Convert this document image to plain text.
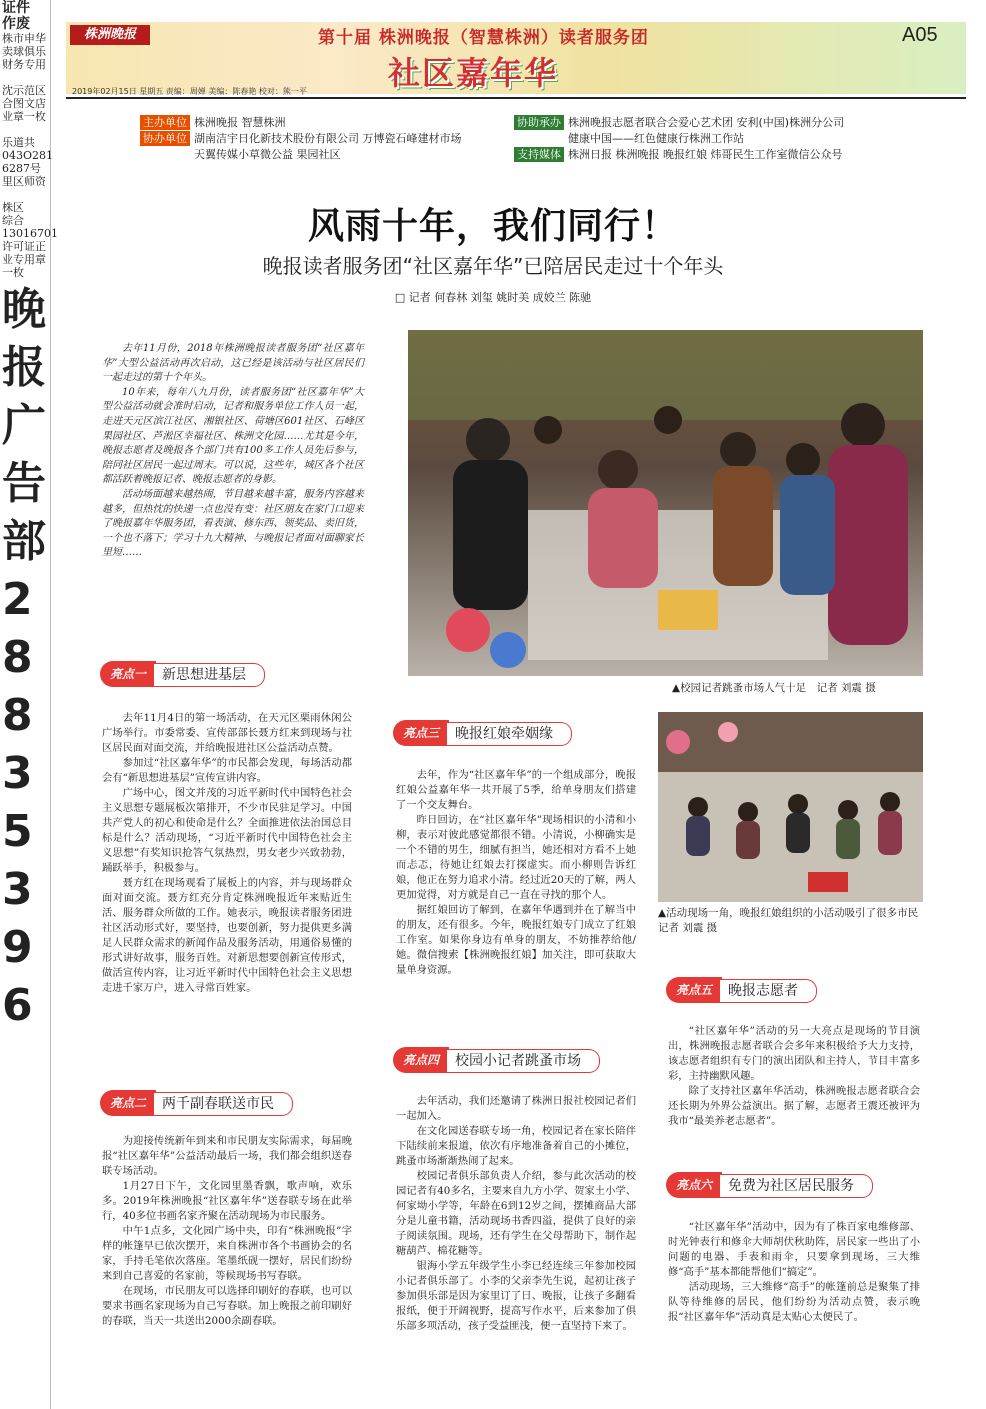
证件
作废
株市申华
卖球俱乐
财务专用

沈示范区
合图文店
业章一枚

乐道共
043O281
6287号
里区师资

株区
综合
13016701
许可证正
业专用章
一枚
晚
报
广
告
部
2
8
8
3
5
3
9
6
株洲晚报	第十届 株洲晚报（智慧株洲）读者服务团	A05
社区嘉年华
2019年02月15日 星期五 责编：周婵 美编：陈春艳 校对：熊一平
主办单位 株洲晚报 智慧株洲
协办单位 湖南洁宇日化新技术股份有限公司 万博瓷石峰建材市场
天翼传媒小草微公益 果园社区
协助承办 株洲晚报志愿者联合会爱心艺术团 安利(中国)株洲分公司
健康中国——红色健康行株洲工作站
支持媒体 株洲日报 株洲晚报 晚报红娘 炜哥民生工作室微信公众号
风雨十年，我们同行！
晚报读者服务团“社区嘉年华”已陪居民走过十个年头
□ 记者 何春林 刘玺 姚时美 成姣兰 陈驰

去年11月份，2018年株洲晚报读者服务团“社区嘉年华”大型公益活动再次启动，这已经是该活动与社区居民们一起走过的第十个年头。

10年来，每年八九月份，读者服务团“社区嘉年华”大型公益活动就会准时启动，记者和服务单位工作人员一起，走进天元区滨江社区、湘银社区、荷塘区601社区、石峰区果园社区、芦淞区幸福社区、株洲文化园……尤其是今年，晚报志愿者及晚报各个部门共有100多工作人员先后参与，陪同社区居民一起过周末。可以说，这些年，城区各个社区都活跃着晚报记者、晚报志愿者的身影。

活动场面越来越热闹，节目越来越丰富，服务内容越来越多，但热忱的快递一点也没有变：社区朋友在家门口迎来了晚报嘉年华服务团，看表演、修东西、领奖品、卖旧货，一个也不落下；学习十九大精神、与晚报记者面对面聊家长里短……

▲校园记者跳蚤市场人气十足　记者 刘震 摄
▲活动现场一角，晚报红娘组织的小活动吸引了很多市民　记者 刘震 摄
亮点一	新思想进基层

去年11月4日的第一场活动，在天元区栗雨休闲公广场举行。市委常委、宣传部部长聂方红来到现场与社区居民面对面交流，并给晚报进社区公益活动点赞。

参加过“社区嘉年华”的市民都会发现，每场活动都会有“新思想进基层”宣传宣讲内容。

广场中心，图文并茂的习近平新时代中国特色社会主义思想专题展板次第排开，不少市民驻足学习。中国共产党人的初心和使命是什么？全面推进依法治国总目标是什么？活动现场，“习近平新时代中国特色社会主义思想”有奖知识抢答气氛热烈，男女老少兴致勃勃，踊跃举手，积极参与。

聂方红在现场观看了展板上的内容，并与现场群众面对面交流。聂方红充分肯定株洲晚报近年来贴近生活、服务群众所做的工作。她表示，晚报读者服务团进社区活动形式好，要坚持，也要创新，努力提供更多满足人民群众需求的新闻作品及服务活动，用通俗易懂的形式讲好故事，服务百姓。对新思想要创新宣传形式，做活宣传内容，让习近平新时代中国特色社会主义思想走进千家万户，进入寻常百姓家。

亮点二	两千副春联送市民

为迎接传统新年到来和市民朋友实际需求，每届晚报“社区嘉年华”公益活动最后一场，我们都会组织送春联专场活动。

1月27日下午，文化园里墨香飘，歌声响，欢乐多。2019年株洲晚报“社区嘉年华”送春联专场在此举行，40多位书画名家齐聚在活动现场为市民服务。

中午1点多，文化园广场中央，印有“株洲晚报”字样的帐篷早已依次摆开，来自株洲市各个书画协会的名家，手持毛笔依次落座。笔墨纸砚一摆好，居民们纷纷来到自己喜爱的名家前，等候现场书写春联。

在现场，市民朋友可以选择印刷好的春联，也可以要求书画名家现场为自己写春联。加上晚报之前印刷好的春联，当天一共送出2000余副春联。

亮点三	晚报红娘牵姻缘

去年，作为“社区嘉年华”的一个组成部分，晚报红娘公益嘉年华一共开展了5季，给单身朋友们搭建了一个交友舞台。

昨日回访，在“社区嘉年华”现场相识的小清和小柳，表示对彼此感觉都很不错。小清说，小柳确实是一个不错的男生，细腻有担当，她还相对方看不上她而忐忑，待她让红娘去打探虚实。而小柳则告诉红娘，他正在努力追求小清。经过近20天的了解，两人更加觉得，对方就是自己一直在寻找的那个人。

据红娘回访了解到，在嘉年华遇到并在了解当中的朋友，还有很多。今年，晚报红娘专门成立了红娘工作室。如果你身边有单身的朋友，不妨推荐给他/她。微信搜索【株洲晚报红娘】加关注，即可获取大量单身资源。

亮点四	校园小记者跳蚤市场

去年活动，我们还邀请了株洲日报社校园记者们一起加入。

在文化园送春联专场一角，校园记者在家长陪伴下陆续前来报道，依次有序地准备着自己的小摊位，跳蚤市场渐渐热闹了起来。

校园记者俱乐部负责人介绍，参与此次活动的校园记者有40多名，主要来自九方小学、贺家土小学、何家坳小学等，年龄在6到12岁之间，摆摊商品大部分是儿童书籍，活动现场书香四溢，提供了良好的亲子阅读氛围。现场，还有学生在父母帮助下，制作起糖葫芦、棉花糖等。

银海小学五年级学生小李已经连续三年参加校园小记者俱乐部了。小李的父亲李先生说，起初让孩子参加俱乐部是因为家里订了日、晚报，让孩子多翻看报纸，便于开阔视野，提高写作水平，后来参加了俱乐部多项活动，孩子受益匪浅，便一直坚持下来了。

亮点五	晚报志愿者

“社区嘉年华”活动的另一大亮点是现场的节目演出，株洲晚报志愿者联合会多年来积极给予大力支持，该志愿者组织有专门的演出团队和主持人，节目丰富多彩，主持幽默风趣。

除了支持社区嘉年华活动，株洲晚报志愿者联合会还长期为外界公益演出。据了解，志愿者王震还被评为我市“最美养老志愿者”。

亮点六	免费为社区居民服务

“社区嘉年华”活动中，因为有了株百家电维修部、时光钟表行和修伞大师胡伏秋助阵，居民家一些出了小问题的电器、手表和雨伞，只要拿到现场，三大维修“高手”基本都能帮他们“搞定”。

活动现场，三大维修“高手”的帐篷前总是聚集了排队等待维修的居民，他们纷纷为活动点赞，表示晚报“社区嘉年华”活动真是太贴心太便民了。
